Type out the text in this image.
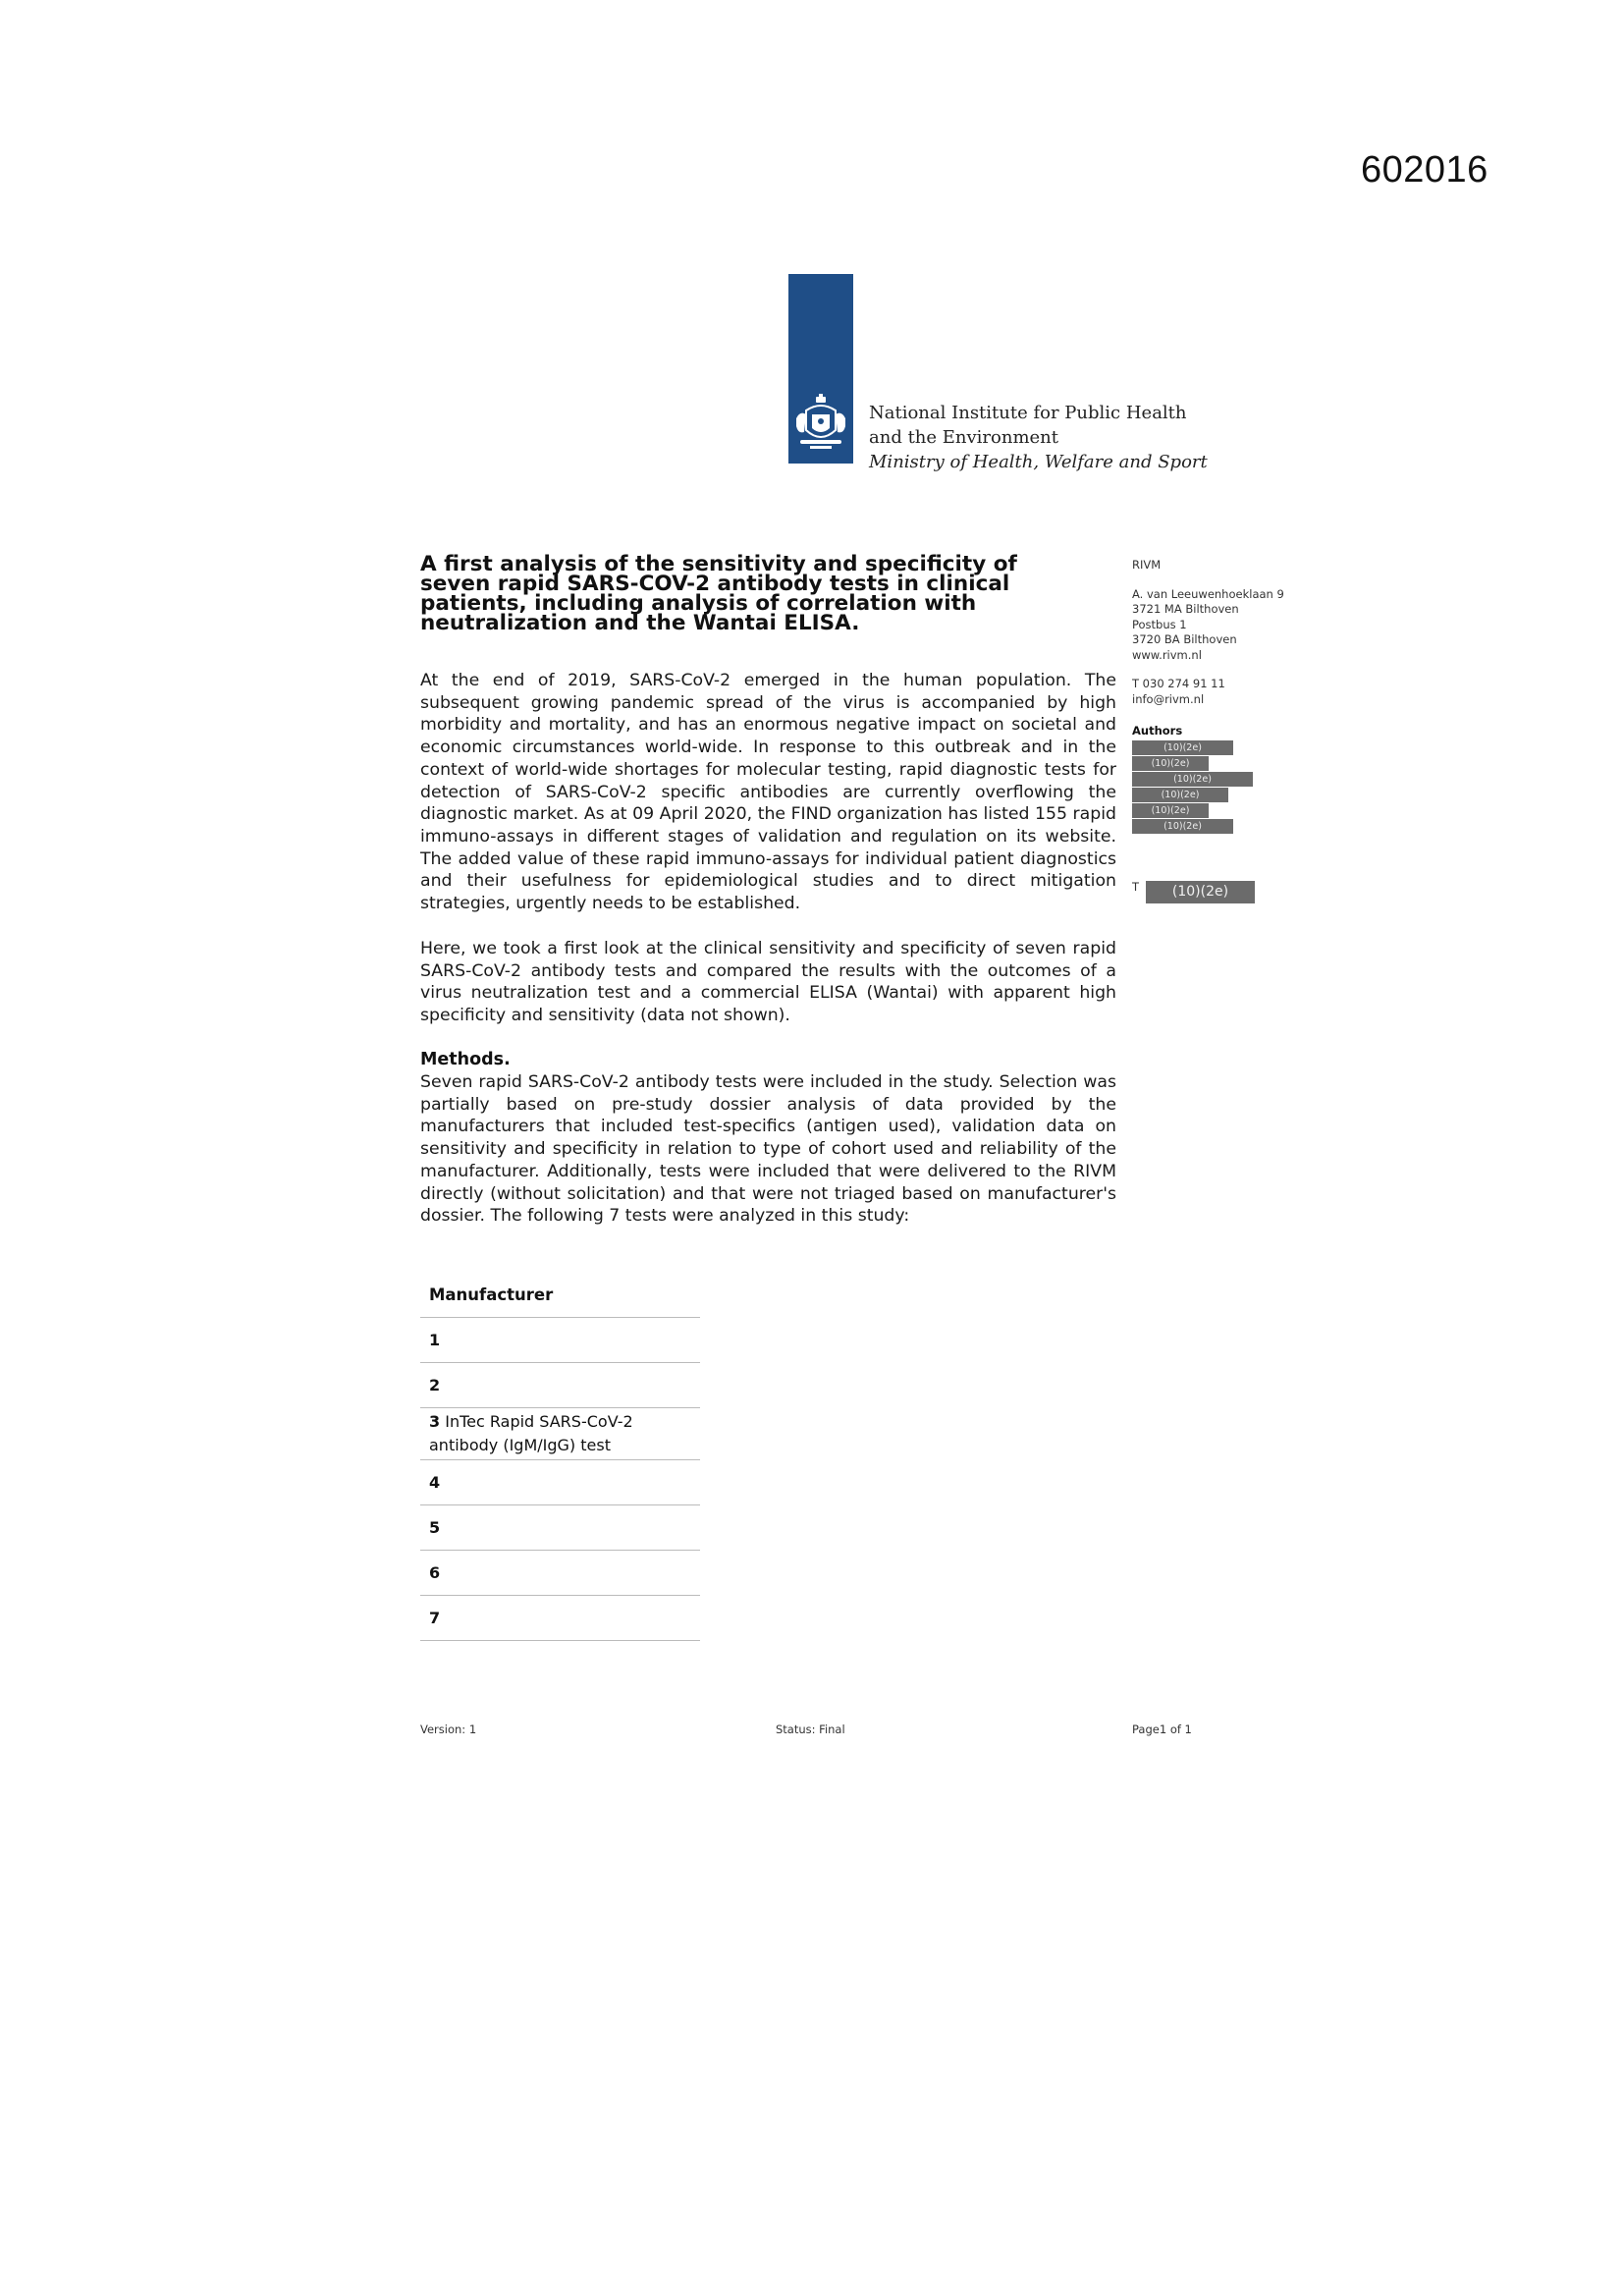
602016
National Institute for Public Health
and the Environment
Ministry of Health, Welfare and Sport
A first analysis of the sensitivity and specificity of seven rapid SARS-COV-2 antibody tests in clinical patients, including analysis of correlation with neutralization and the Wantai ELISA.

At the end of 2019, SARS-CoV-2 emerged in the human population. The subsequent growing pandemic spread of the virus is accompanied by high morbidity and mortality, and has an enormous negative impact on societal and economic circumstances world-wide. In response to this outbreak and in the context of world-wide shortages for molecular testing, rapid diagnostic tests for detection of SARS-CoV-2 specific antibodies are currently overflowing the diagnostic market. As at 09 April 2020, the FIND organization has listed 155 rapid immuno-assays in different stages of validation and regulation on its website. The added value of these rapid immuno-assays for individual patient diagnostics and their usefulness for epidemiological studies and to direct mitigation strategies, urgently needs to be established.

Here, we took a first look at the clinical sensitivity and specificity of seven rapid SARS-CoV-2 antibody tests and compared the results with the outcomes of a virus neutralization test and a commercial ELISA (Wantai) with apparent high specificity and sensitivity (data not shown).

Methods.

Seven rapid SARS-CoV-2 antibody tests were included in the study. Selection was partially based on pre-study dossier analysis of data provided by the manufacturers that included test-specifics (antigen used), validation data on sensitivity and specificity in relation to type of cohort used and reliability of the manufacturer. Additionally, tests were included that were delivered to the RIVM directly (without solicitation) and that were not triaged based on manufacturer's dossier. The following 7 tests were analyzed in this study:

RIVM
A. van Leeuwenhoeklaan 9
3721 MA Bilthoven
Postbus 1
3720 BA Bilthoven
www.rivm.nl
T 030 274 91 11
info@rivm.nl
Authors
(10)(2e)
(10)(2e)
(10)(2e)
(10)(2e)
(10)(2e)
(10)(2e)
T	(10)(2e)
Manufacturer
1
2
3 InTec Rapid SARS-CoV-2 antibody (IgM/IgG) test
4
5
6
7
Version: 1	Status: Final	Page1 of 1
